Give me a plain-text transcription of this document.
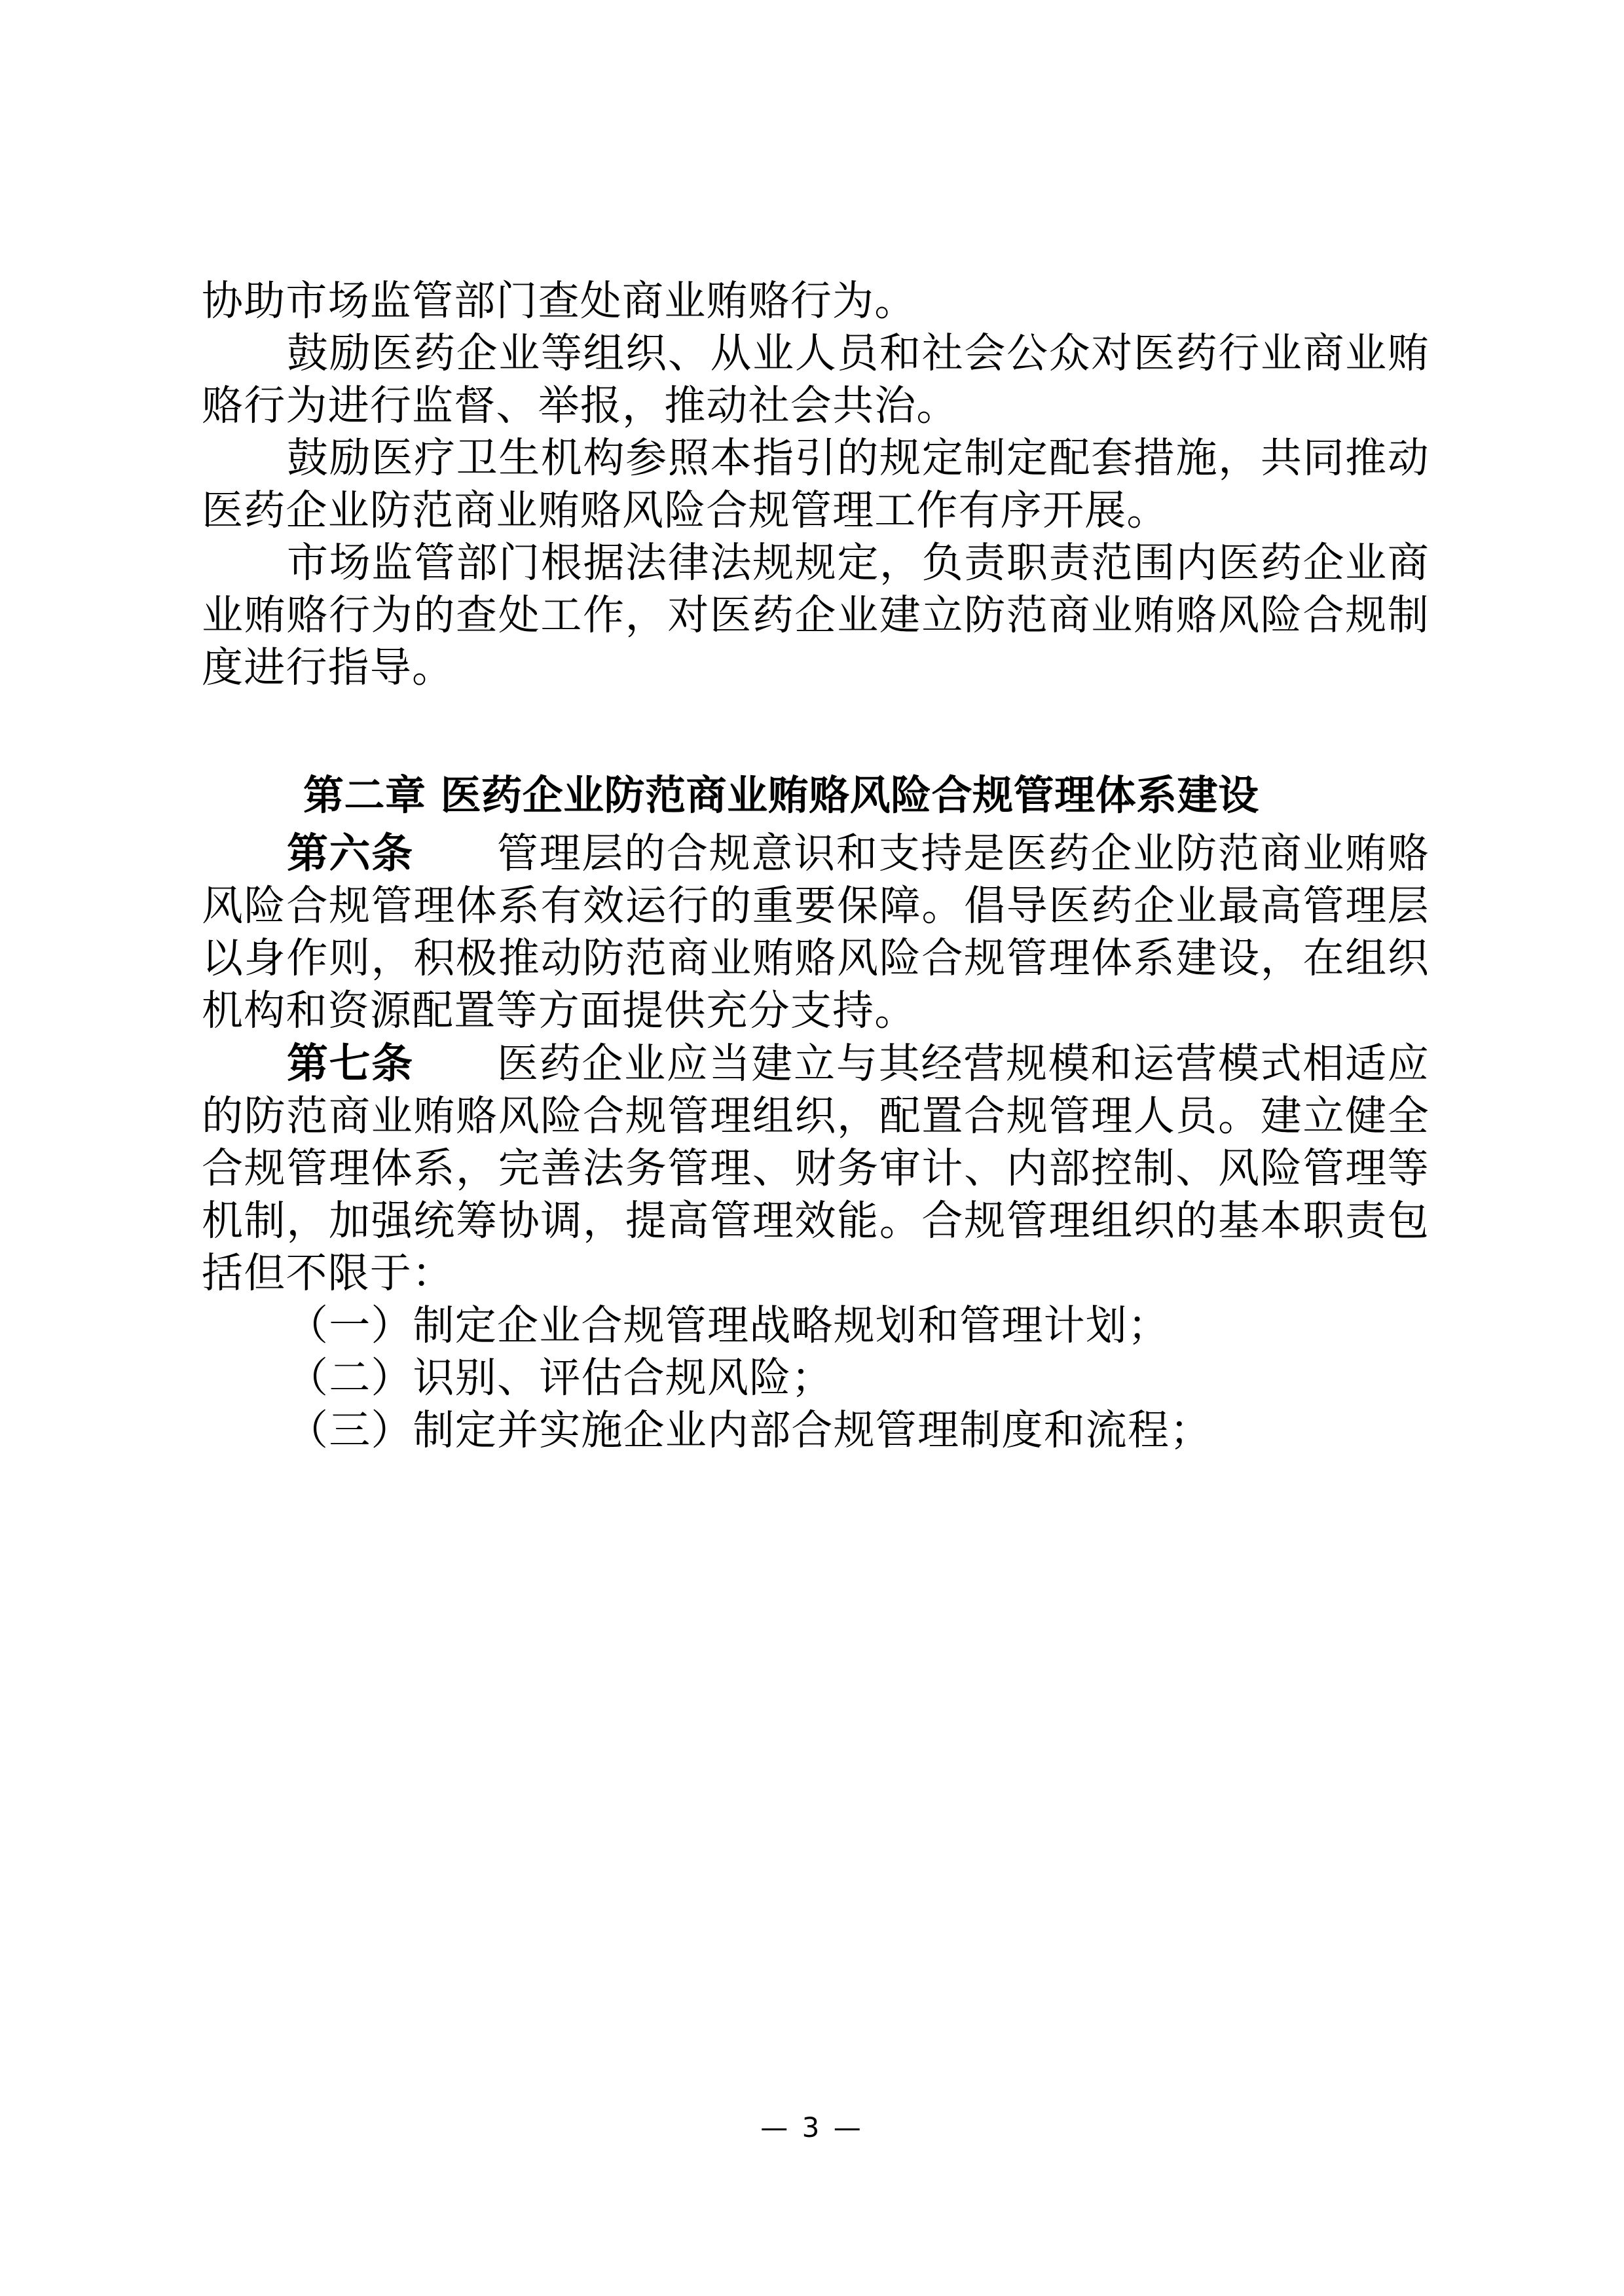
协助市场监管部门查处商业贿赂行为。

鼓励医药企业等组织、从业人员和社会公众对医药行业商业贿赂行为进行监督、举报，推动社会共治。

鼓励医疗卫生机构参照本指引的规定制定配套措施，共同推动医药企业防范商业贿赂风险合规管理工作有序开展。

市场监管部门根据法律法规规定，负责职责范围内医药企业商业贿赂行为的查处工作，对医药企业建立防范商业贿赂风险合规制度进行指导。

第二章 医药企业防范商业贿赂风险合规管理体系建设

第六条　　 管理层的合规意识和支持是医药企业防范商业贿赂风险合规管理体系有效运行的重要保障。倡导医药企业最高管理层以身作则，积极推动防范商业贿赂风险合规管理体系建设，在组织机构和资源配置等方面提供充分支持。

第七条　　 医药企业应当建立与其经营规模和运营模式相适应的防范商业贿赂风险合规管理组织，配置合规管理人员。建立健全合规管理体系，完善法务管理、财务审计、内部控制、风险管理等机制，加强统筹协调，提高管理效能。合规管理组织的基本职责包括但不限于：

（一）制定企业合规管理战略规划和管理计划；

（二）识别、评估合规风险；

（三）制定并实施企业内部合规管理制度和流程；

— 3 —
